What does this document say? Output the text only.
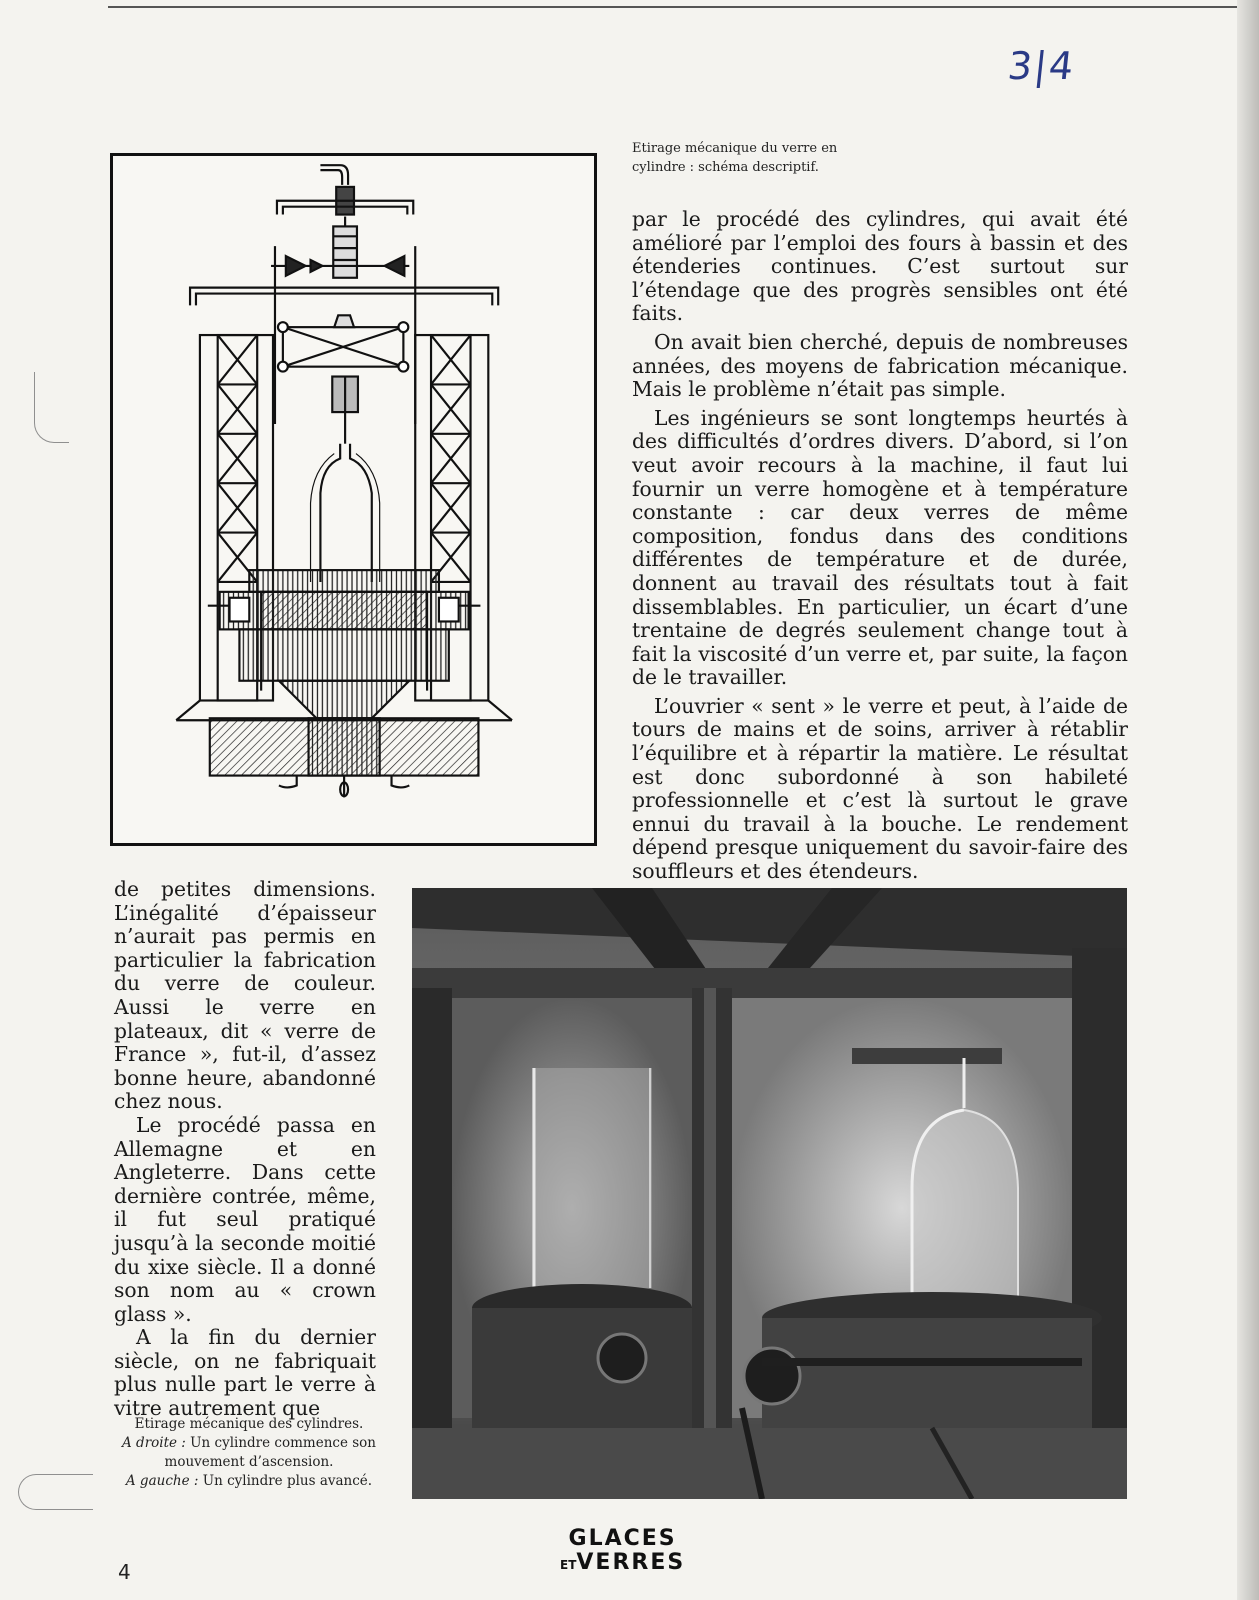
3|4
Etirage mécanique du verre en
cylindre : schéma descriptif.

par le procédé des cylindres, qui avait été amélioré par l’emploi des fours à bassin et des étenderies continues. C’est surtout sur l’étendage que des progrès sensibles ont été faits.

On avait bien cherché, depuis de nombreuses années, des moyens de fabrication mécanique. Mais le problème n’était pas simple.

Les ingénieurs se sont longtemps heurtés à des difficultés d’ordres divers. D’abord, si l’on veut avoir recours à la machine, il faut lui fournir un verre homogène et à température constante : car deux verres de même composition, fondus dans des conditions différentes de température et de durée, donnent au travail des résultats tout à fait dissemblables. En particulier, un écart d’une trentaine de degrés seulement change tout à fait la viscosité d’un verre et, par suite, la façon de le travailler.

L’ouvrier « sent » le verre et peut, à l’aide de tours de mains et de soins, arriver à rétablir l’équilibre et à répartir la matière. Le résultat est donc subordonné à son habileté professionnelle et c’est là surtout le grave ennui du travail à la bouche. Le rendement dépend presque uniquement du savoir-faire des souffleurs et des étendeurs.

de petites dimensions. L’inégalité d’épaisseur n’aurait pas permis en particulier la fabrication du verre de couleur. Aussi le verre en plateaux, dit « verre de France », fut-il, d’assez bonne heure, abandonné chez nous.

Le procédé passa en Allemagne et en Angleterre. Dans cette dernière contrée, même, il fut seul pratiqué jusqu’à la seconde moitié du xixe siècle. Il a donné son nom au « crown glass ».

A la fin du dernier siècle, on ne fabriquait plus nulle part le verre à vitre autrement que

Etirage mécanique des cylindres.
A droite : Un cylindre commence son mouvement d’ascension.
A gauche : Un cylindre plus avancé.
4
GLACES
ETVERRES
